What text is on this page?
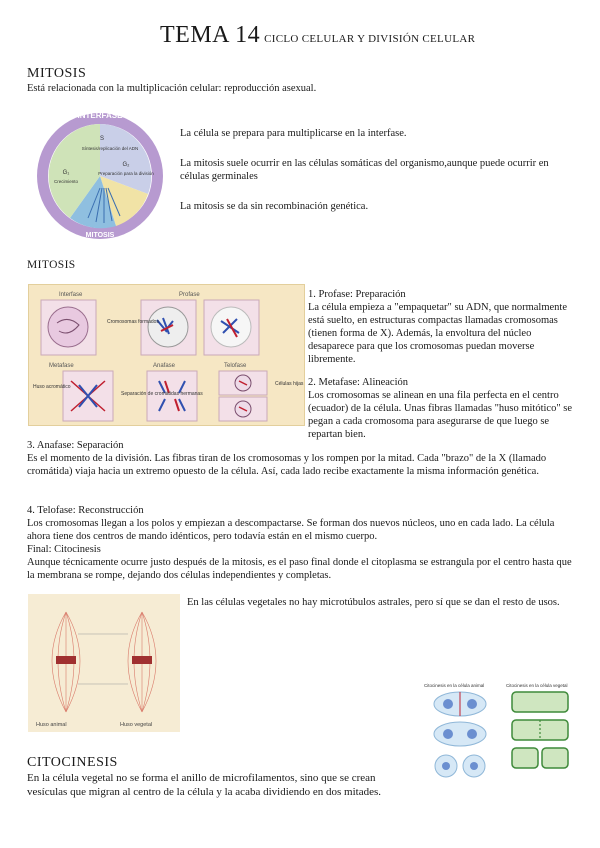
TEMA 14 CICLO CELULAR Y DIVISIÓN CELULAR
MITOSIS
Está relacionada con la multiplicación celular: reproducción asexual.
INTERFASE
S
Síntesis/replicación del ADN
G₂
Preparación para la división
G₁
Crecimiento
MITOSIS
La célula se prepara para multiplicarse en la interfase.
La mitosis suele ocurrir en las células somáticas del organismo,aunque puede ocurrir en células germinales
La mitosis se da sin recombinación genética.
MITOSIS
Interfase	Profase
Cromosomas formados
Metafase	Anafase	Telofase
Huso acromático
Separación de cromátidas hermanas
Células hijas
1. Profase: Preparación
La célula empieza a "empaquetar" su ADN, que normalmente está suelto, en estructuras compactas llamadas cromosomas (tienen forma de X). Además, la envoltura del núcleo desaparece para que los cromosomas puedan moverse libremente.
2. Metafase: Alineación
Los cromosomas se alinean en una fila perfecta en el centro (ecuador) de la célula. Unas fibras llamadas "huso mitótico" se pegan a cada cromosoma para asegurarse de que luego se repartan bien.
3. Anafase: Separación
Es el momento de la división. Las fibras tiran de los cromosomas y los rompen por la mitad. Cada "brazo" de la X (llamado cromátida) viaja hacia un extremo opuesto de la célula. Así, cada lado recibe exactamente la misma información genética.
4. Telofase: Reconstrucción
Los cromosomas llegan a los polos y empiezan a descompactarse. Se forman dos nuevos núcleos, uno en cada lado. La célula ahora tiene dos centros de mando idénticos, pero todavía están en el mismo cuerpo.
Final: Citocinesis
Aunque técnicamente ocurre justo después de la mitosis, es el paso final donde el citoplasma se estrangula por el centro hasta que la membrana se rompe, dejando dos células independientes y completas.
Huso animal	Huso vegetal
En las células vegetales no hay microtúbulos astrales, pero sí que se dan el resto de usos.
Citocinesis en la célula animal	Citocinesis en la célula vegetal
CITOCINESIS
En la célula vegetal no se forma el anillo de microfilamentos, sino que se crean vesículas que migran al centro de la célula y la acaba dividiendo en dos mitades.
